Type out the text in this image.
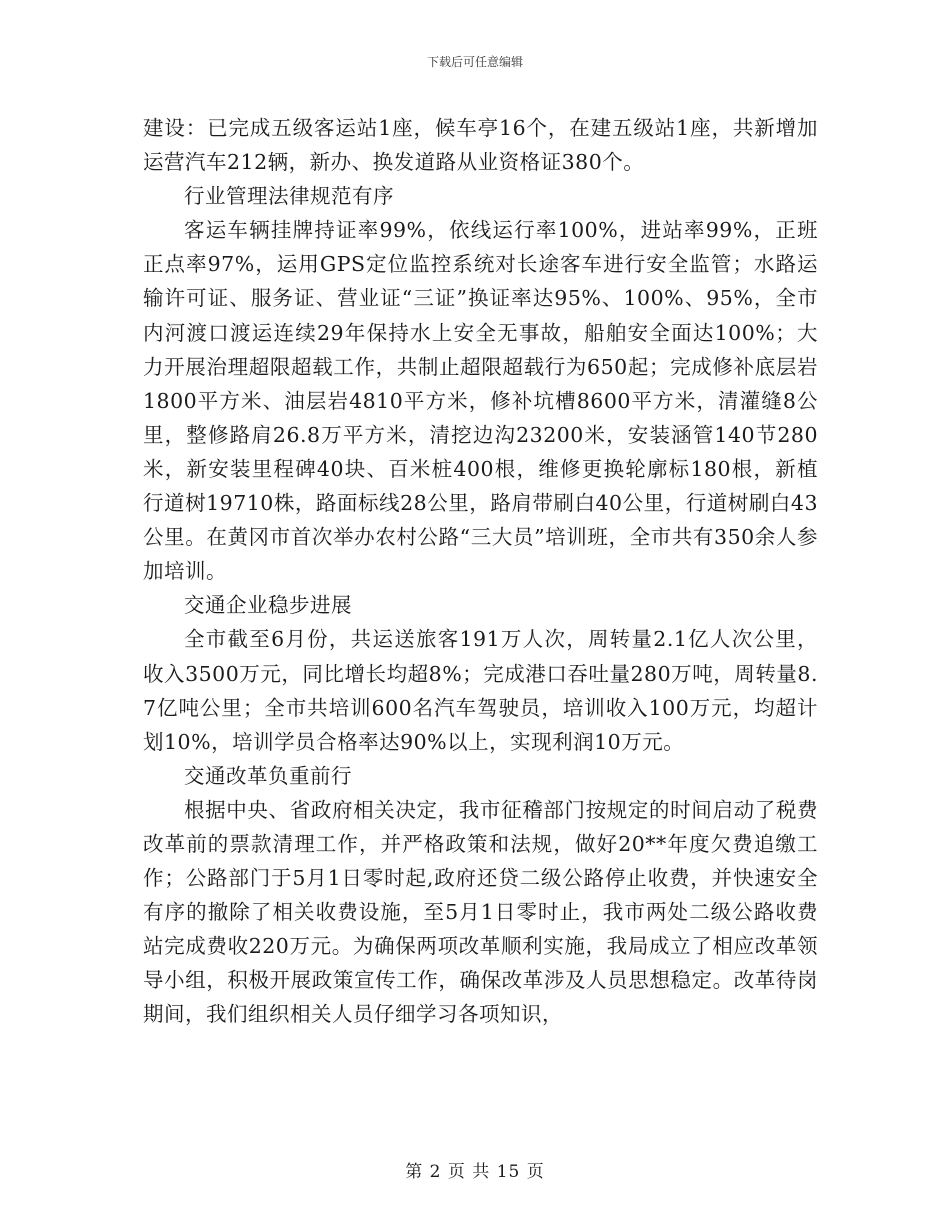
下载后可任意编辑

建设：已完成五级客运站1座，候车亭16个，在建五级站1座，共新增加运营汽车212辆，新办、换发道路从业资格证380个。

行业管理法律规范有序

客运车辆挂牌持证率99%，依线运行率100%，进站率99%，正班正点率97%，运用GPS定位监控系统对长途客车进行安全监管；水路运输许可证、服务证、营业证“三证”换证率达95%、100%、95%，全市内河渡口渡运连续29年保持水上安全无事故，船舶安全面达100%；大力开展治理超限超载工作，共制止超限超载行为650起；完成修补底层岩1800平方米、油层岩4810平方米，修补坑槽8600平方米，清灌缝8公里，整修路肩26.8万平方米，清挖边沟23200米，安装涵管140节280米，新安装里程碑40块、百米桩400根，维修更换轮廓标180根，新植行道树19710株，路面标线28公里，路肩带刷白40公里，行道树刷白43公里。在黄冈市首次举办农村公路“三大员”培训班，全市共有350余人参加培训。

交通企业稳步进展

全市截至6月份，共运送旅客191万人次，周转量2.1亿人次公里，收入3500万元，同比增长均超8%；完成港口吞吐量280万吨，周转量8.7亿吨公里；全市共培训600名汽车驾驶员，培训收入100万元，均超计划10%，培训学员合格率达90%以上，实现利润10万元。

交通改革负重前行

根据中央、省政府相关决定，我市征稽部门按规定的时间启动了税费改革前的票款清理工作，并严格政策和法规，做好20**年度欠费追缴工作；公路部门于5月1日零时起,政府还贷二级公路停止收费，并快速安全有序的撤除了相关收费设施，至5月1日零时止，我市两处二级公路收费站完成费收220万元。为确保两项改革顺利实施，我局成立了相应改革领导小组，积极开展政策宣传工作，确保改革涉及人员思想稳定。改革待岗期间，我们组织相关人员仔细学习各项知识，

第 2 页 共 15 页
